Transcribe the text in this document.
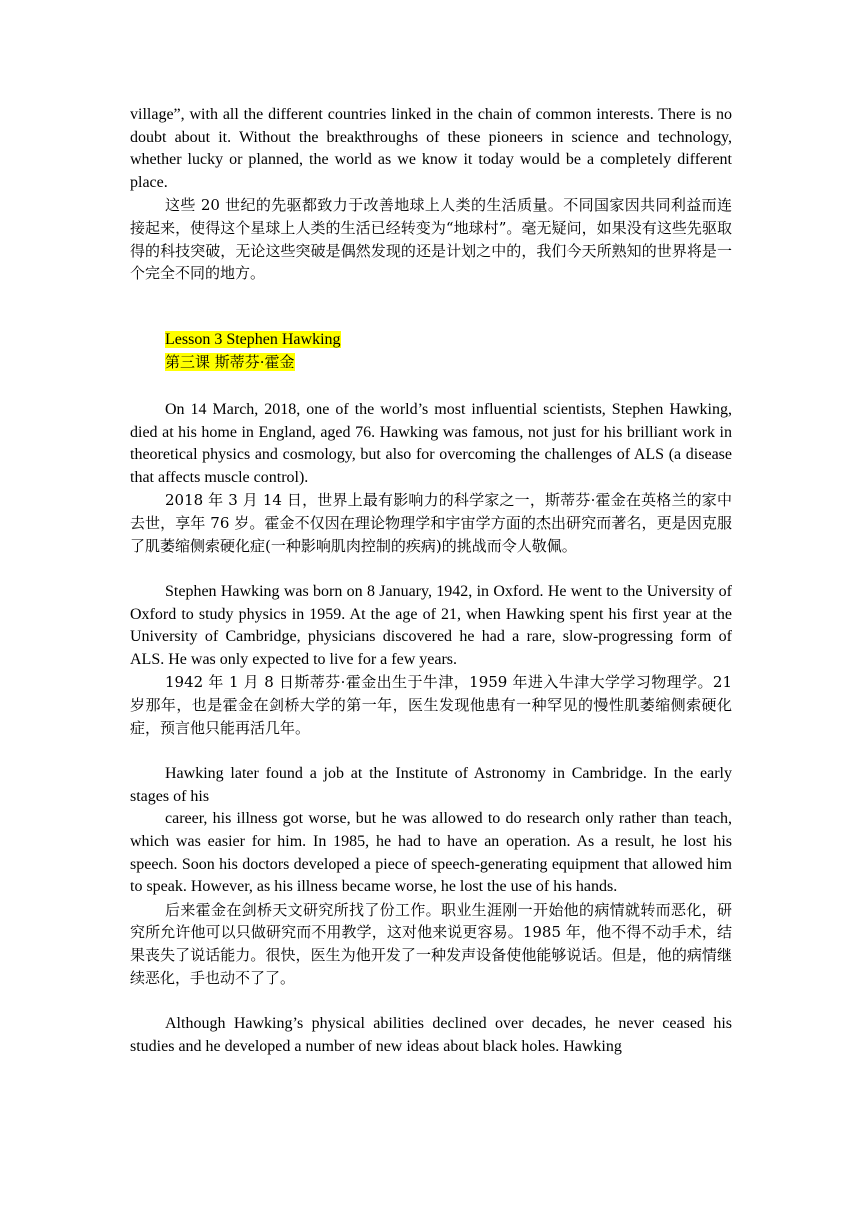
village”, with all the different countries linked in the chain of common interests. There is no doubt about it. Without the breakthroughs of these pioneers in science and technology, whether lucky or planned, the world as we know it today would be a completely different place.

这些 20 世纪的先驱都致力于改善地球上人类的生活质量。不同国家因共同利益而连接起来，使得这个星球上人类的生活已经转变为“地球村”。毫无疑问，如果没有这些先驱取得的科技突破，无论这些突破是偶然发现的还是计划之中的，我们今天所熟知的世界将是一个完全不同的地方。

Lesson 3 Stephen Hawking

第三课 斯蒂芬·霍金

On 14 March, 2018, one of the world’s most influential scientists, Stephen Hawking, died at his home in England, aged 76. Hawking was famous, not just for his brilliant work in theoretical physics and cosmology, but also for overcoming the challenges of ALS (a disease that affects muscle control).

2018 年 3 月 14 日，世界上最有影响力的科学家之一，斯蒂芬·霍金在英格兰的家中去世，享年 76 岁。霍金不仅因在理论物理学和宇宙学方面的杰出研究而著名，更是因克服了肌萎缩侧索硬化症(一种影响肌肉控制的疾病)的挑战而令人敬佩。

Stephen Hawking was born on 8 January, 1942, in Oxford. He went to the University of Oxford to study physics in 1959. At the age of 21, when Hawking spent his first year at the University of Cambridge, physicians discovered he had a rare, slow-progressing form of ALS. He was only expected to live for a few years.

1942 年 1 月 8 日斯蒂芬·霍金出生于牛津，1959 年进入牛津大学学习物理学。21 岁那年，也是霍金在剑桥大学的第一年，医生发现他患有一种罕见的慢性肌萎缩侧索硬化症，预言他只能再活几年。

Hawking later found a job at the Institute of Astronomy in Cambridge. In the early stages of his

career, his illness got worse, but he was allowed to do research only rather than teach, which was easier for him. In 1985, he had to have an operation. As a result, he lost his speech. Soon his doctors developed a piece of speech-generating equipment that allowed him to speak. However, as his illness became worse, he lost the use of his hands.

后来霍金在剑桥天文研究所找了份工作。职业生涯刚一开始他的病情就转而恶化，研究所允许他可以只做研究而不用教学，这对他来说更容易。1985 年，他不得不动手术，结果丧失了说话能力。很快，医生为他开发了一种发声设备使他能够说话。但是，他的病情继续恶化，手也动不了了。

Although Hawking’s physical abilities declined over decades, he never ceased his studies and he developed a number of new ideas about black holes. Hawking
